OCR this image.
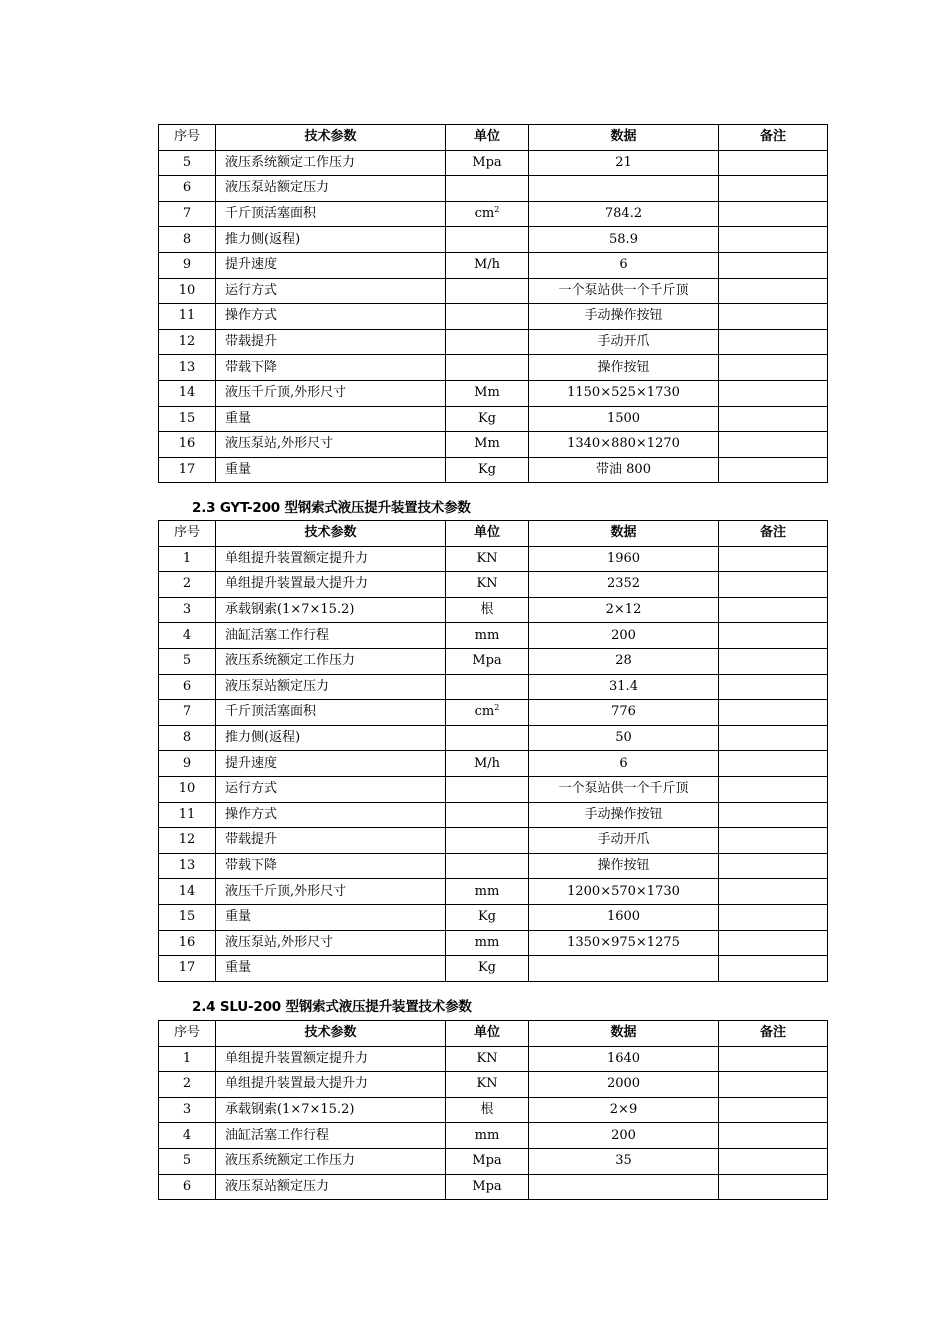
序号	技术参数	单位	数据	备注
5	液压系统额定工作压力	Mpa	21	
6	液压泵站额定压力			
7	千斤顶活塞面积	$cm^2$	784.2	
8	推力侧(返程)		58.9	
9	提升速度	M/h	6	
10	运行方式		一个泵站供一个千斤顶	
11	操作方式		手动操作按钮	
12	带载提升		手动开爪	
13	带载下降		操作按钮	
14	液压千斤顶,外形尺寸	Mm	1150×525×1730	
15	重量	Kg	1500	
16	液压泵站,外形尺寸	Mm	1340×880×1270	
17	重量	Kg	带油 800	
2.3 GYT-200 型钢索式液压提升装置技术参数
序号	技术参数	单位	数据	备注
1	单组提升装置额定提升力	KN	1960	
2	单组提升装置最大提升力	KN	2352	
3	承载钢索(1×7×15.2)	根	2×12	
4	油缸活塞工作行程	mm	200	
5	液压系统额定工作压力	Mpa	28	
6	液压泵站额定压力		31.4	
7	千斤顶活塞面积	$cm^2$	776	
8	推力侧(返程)		50	
9	提升速度	M/h	6	
10	运行方式		一个泵站供一个千斤顶	
11	操作方式		手动操作按钮	
12	带载提升		手动开爪	
13	带载下降		操作按钮	
14	液压千斤顶,外形尺寸	mm	1200×570×1730	
15	重量	Kg	1600	
16	液压泵站,外形尺寸	mm	1350×975×1275	
17	重量	Kg		
2.4 SLU-200 型钢索式液压提升装置技术参数
序号	技术参数	单位	数据	备注
1	单组提升装置额定提升力	KN	1640	
2	单组提升装置最大提升力	KN	2000	
3	承载钢索(1×7×15.2)	根	2×9	
4	油缸活塞工作行程	mm	200	
5	液压系统额定工作压力	Mpa	35	
6	液压泵站额定压力	Mpa		
